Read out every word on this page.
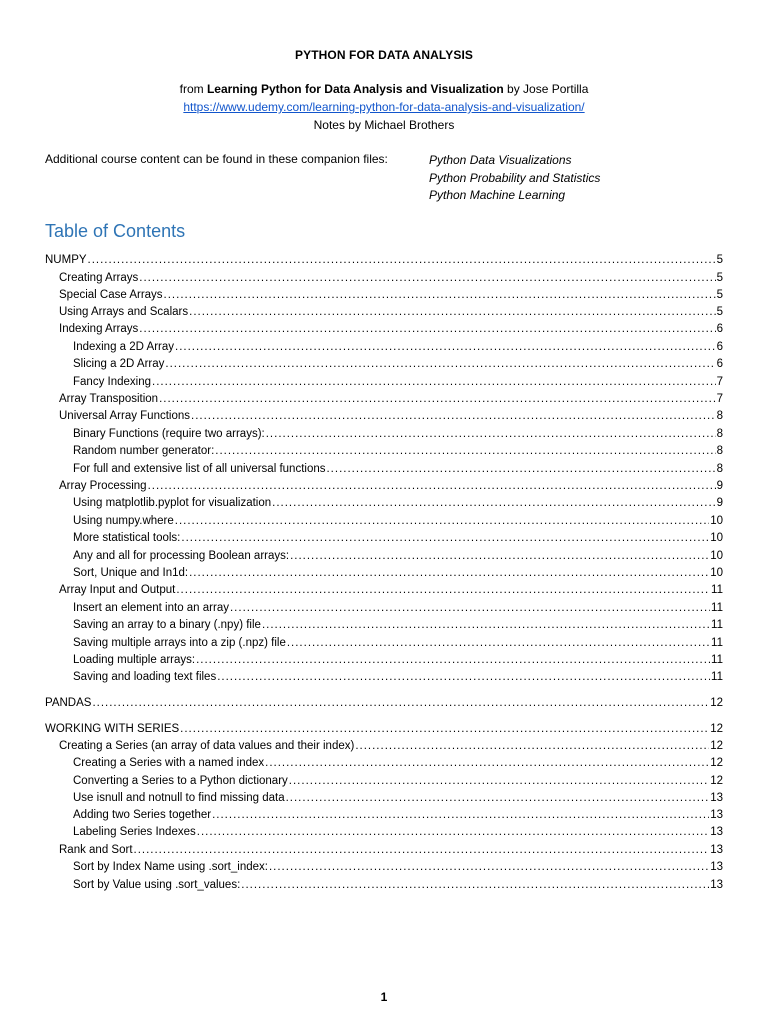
PYTHON FOR DATA ANALYSIS
from Learning Python for Data Analysis and Visualization by Jose Portilla
https://www.udemy.com/learning-python-for-data-analysis-and-visualization/
Notes by Michael Brothers
Additional course content can be found in these companion files:	Python Data Visualizations
Python Probability and Statistics
Python Machine Learning
Table of Contents
NUMPY .....	5
Creating Arrays .....	5
Special Case Arrays .....	5
Using Arrays and Scalars .....	5
Indexing Arrays .....	6
Indexing a 2D Array .....	6
Slicing a 2D Array .....	6
Fancy Indexing .....	7
Array Transposition .....	7
Universal Array Functions .....	8
Binary Functions (require two arrays): .....	8
Random number generator: .....	8
For full and extensive list of all universal functions .....	8
Array Processing .....	9
Using matplotlib.pyplot for visualization .....	9
Using numpy.where .....	10
More statistical tools: .....	10
Any and all for processing Boolean arrays: .....	10
Sort, Unique and In1d: .....	10
Array Input and Output .....	11
Insert an element into an array .....	11
Saving an array to a binary (.npy) file .....	11
Saving multiple arrays into a zip (.npz) file .....	11
Loading multiple arrays: .....	11
Saving and loading text files .....	11
PANDAS .....	12
WORKING WITH SERIES .....	12
Creating a Series (an array of data values and their index) .....	12
Creating a Series with a named index .....	12
Converting a Series to a Python dictionary .....	12
Use isnull and notnull to find missing data .....	13
Adding two Series together .....	13
Labeling Series Indexes .....	13
Rank and Sort .....	13
Sort by Index Name using .sort_index: .....	13
Sort by Value using .sort_values: .....	13
1
